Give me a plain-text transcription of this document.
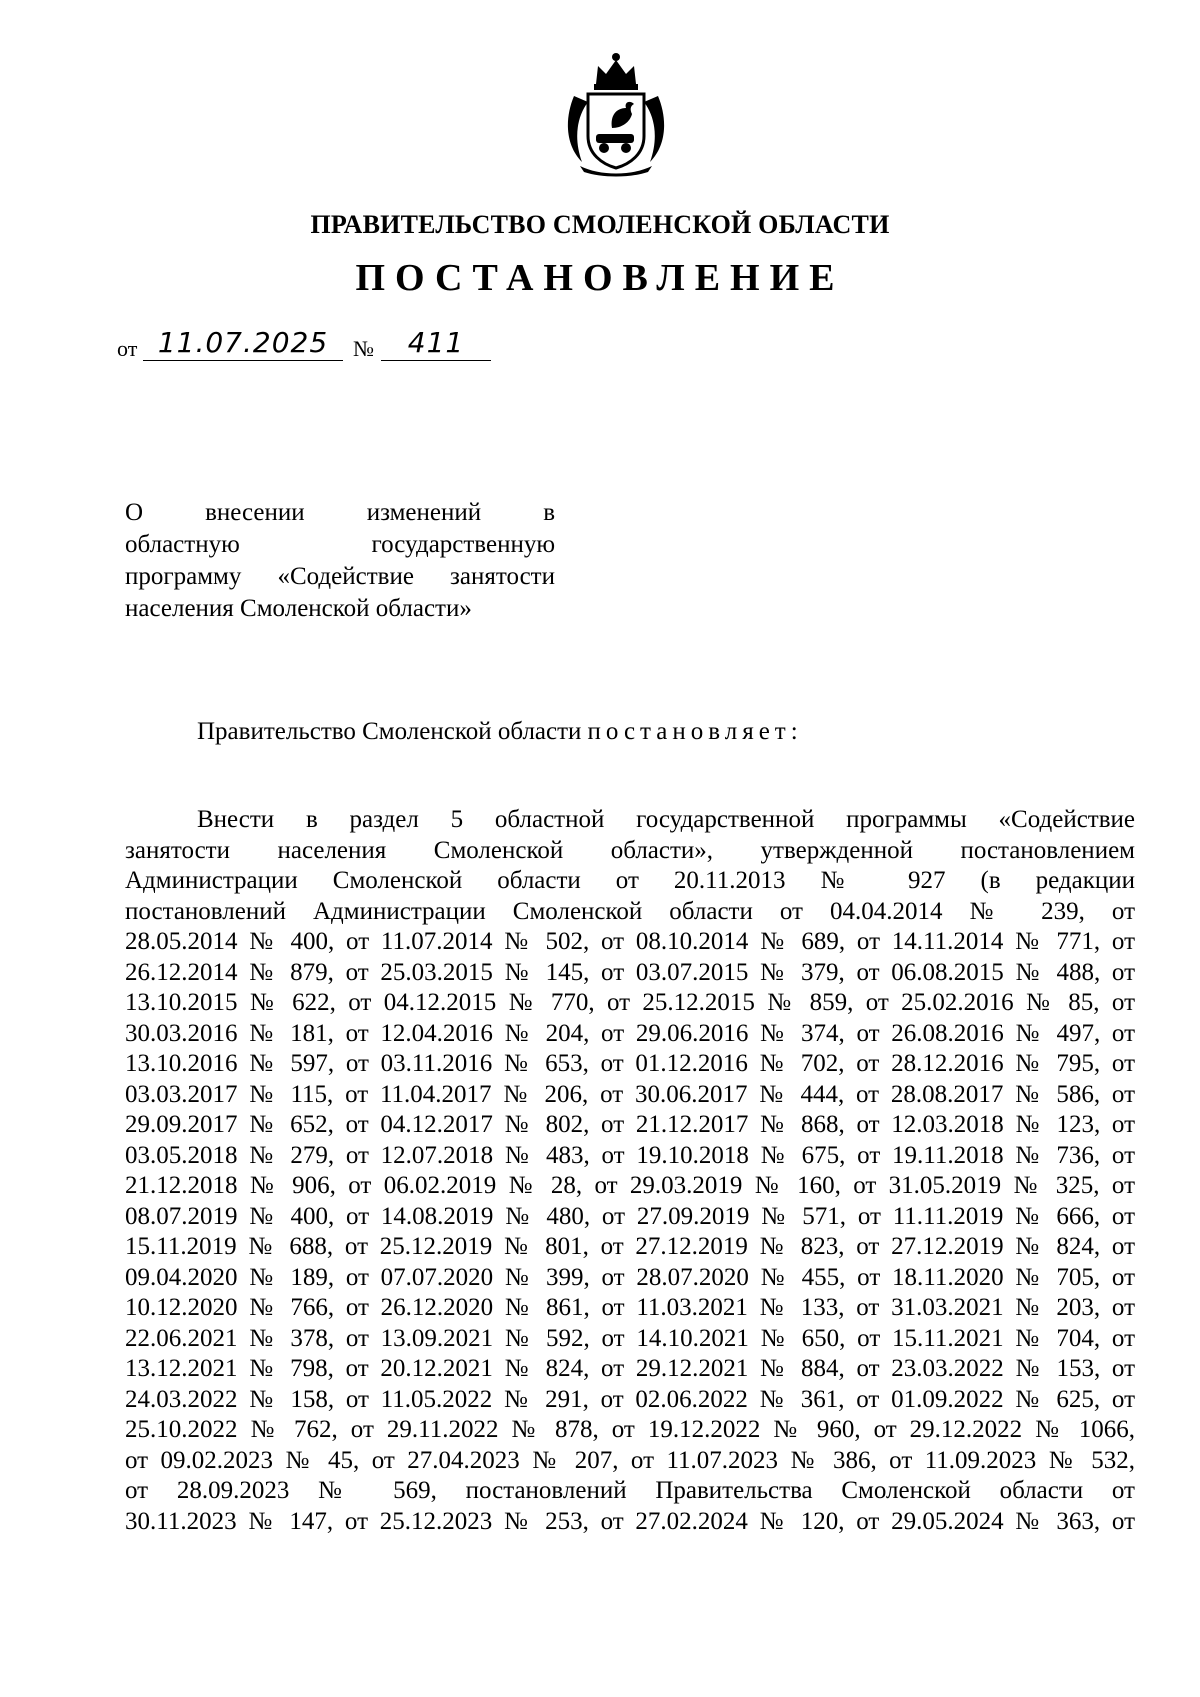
ПРАВИТЕЛЬСТВО СМОЛЕНСКОЙ ОБЛАСТИ
ПОСТАНОВЛЕНИЕ
от 11.07.2025	№	411
О внесении изменений в
областную государственную
программу «Содействие занятости
населения Смоленской области»
Правительство Смоленской области постановляет:
Внести в раздел 5 областной государственной программы «Содействие
занятости населения Смоленской области», утвержденной постановлением
Администрации Смоленской области от 20.11.2013 № 927 (в редакции
постановлений Администрации Смоленской области от 04.04.2014 № 239, от
28.05.2014 № 400, от 11.07.2014 № 502, от 08.10.2014 № 689, от 14.11.2014 № 771, от
26.12.2014 № 879, от 25.03.2015 № 145, от 03.07.2015 № 379, от 06.08.2015 № 488, от
13.10.2015 № 622, от 04.12.2015 № 770, от 25.12.2015 № 859, от 25.02.2016 № 85, от
30.03.2016 № 181, от 12.04.2016 № 204, от 29.06.2016 № 374, от 26.08.2016 № 497, от
13.10.2016 № 597, от 03.11.2016 № 653, от 01.12.2016 № 702, от 28.12.2016 № 795, от
03.03.2017 № 115, от 11.04.2017 № 206, от 30.06.2017 № 444, от 28.08.2017 № 586, от
29.09.2017 № 652, от 04.12.2017 № 802, от 21.12.2017 № 868, от 12.03.2018 № 123, от
03.05.2018 № 279, от 12.07.2018 № 483, от 19.10.2018 № 675, от 19.11.2018 № 736, от
21.12.2018 № 906, от 06.02.2019 № 28, от 29.03.2019 № 160, от 31.05.2019 № 325, от
08.07.2019 № 400, от 14.08.2019 № 480, от 27.09.2019 № 571, от 11.11.2019 № 666, от
15.11.2019 № 688, от 25.12.2019 № 801, от 27.12.2019 № 823, от 27.12.2019 № 824, от
09.04.2020 № 189, от 07.07.2020 № 399, от 28.07.2020 № 455, от 18.11.2020 № 705, от
10.12.2020 № 766, от 26.12.2020 № 861, от 11.03.2021 № 133, от 31.03.2021 № 203, от
22.06.2021 № 378, от 13.09.2021 № 592, от 14.10.2021 № 650, от 15.11.2021 № 704, от
13.12.2021 № 798, от 20.12.2021 № 824, от 29.12.2021 № 884, от 23.03.2022 № 153, от
24.03.2022 № 158, от 11.05.2022 № 291, от 02.06.2022 № 361, от 01.09.2022 № 625, от
25.10.2022 № 762, от 29.11.2022 № 878, от 19.12.2022 № 960, от 29.12.2022 № 1066,
от 09.02.2023 № 45, от 27.04.2023 № 207, от 11.07.2023 № 386, от 11.09.2023 № 532,
от 28.09.2023 № 569, постановлений Правительства Смоленской области от
30.11.2023 № 147, от 25.12.2023 № 253, от 27.02.2024 № 120, от 29.05.2024 № 363, от
